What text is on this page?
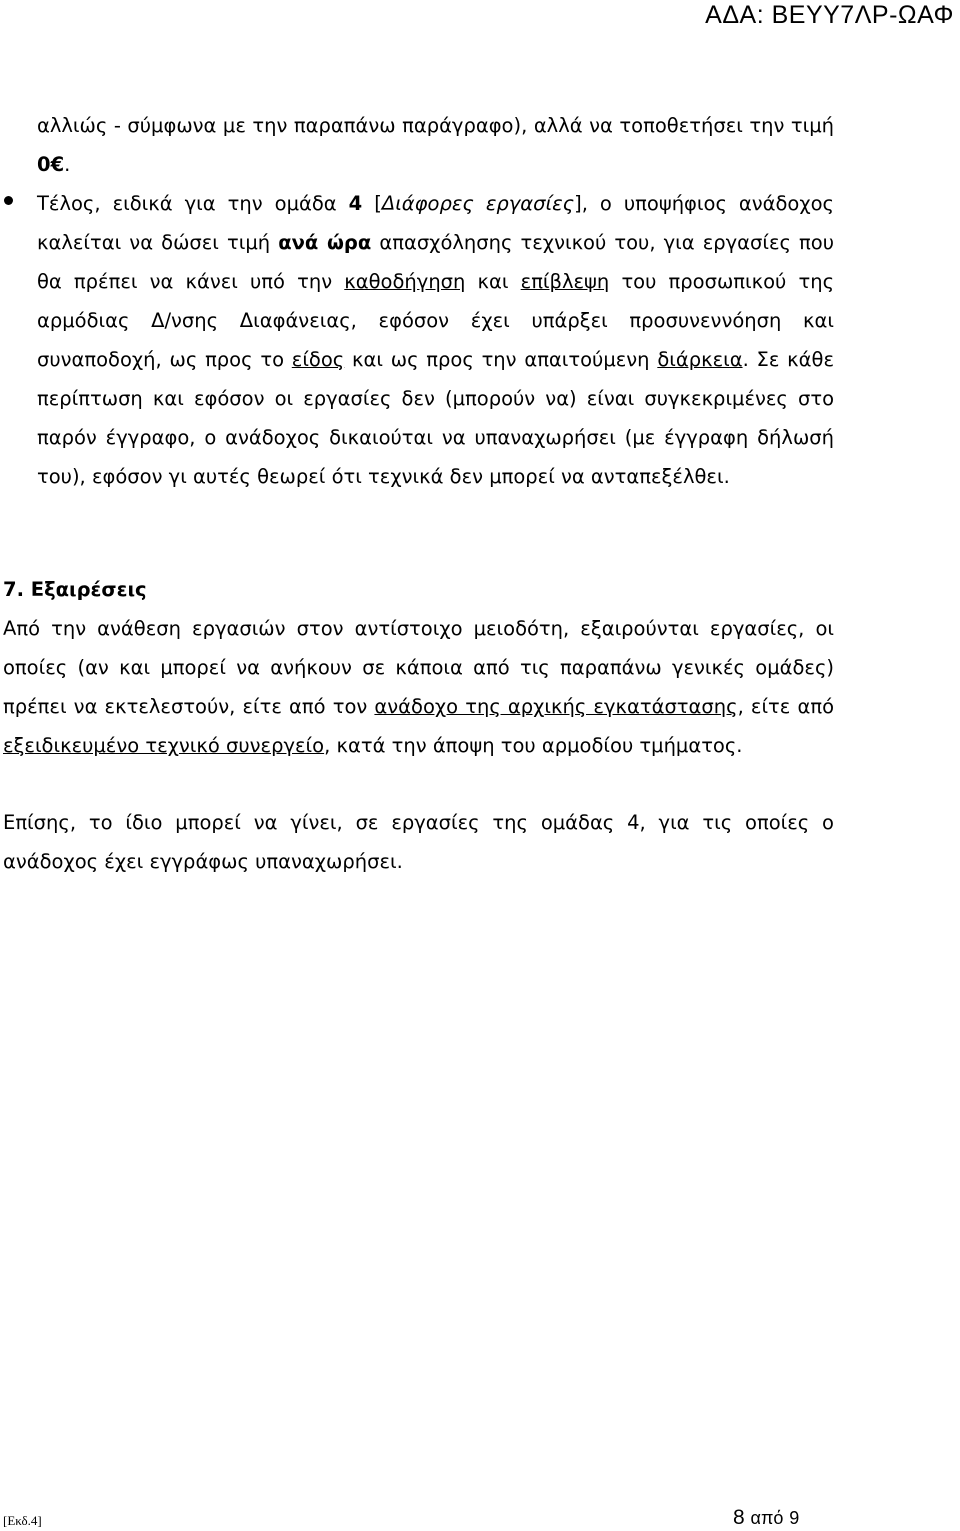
ΑΔΑ: ΒΕΥΥ7ΛΡ-ΩΑΦ

αλλιώς - σύμφωνα με την παραπάνω παράγραφο), αλλά να τοποθετήσει την τιμή 0€.

Τέλος, ειδικά για την ομάδα 4 [Διάφορες εργασίες], ο υποψήφιος ανάδοχος καλείται να δώσει τιμή ανά ώρα απασχόλησης τεχνικού του, για εργασίες που θα πρέπει να κάνει υπό την καθοδήγηση και επίβλεψη του προσωπικού της αρμόδιας Δ/νσης Διαφάνειας, εφόσον έχει υπάρξει προσυνεννόηση και συναποδοχή, ως προς το είδος και ως προς την απαιτούμενη διάρκεια. Σε κάθε περίπτωση και εφόσον οι εργασίες δεν (μπορούν να) είναι συγκεκριμένες στο παρόν έγγραφο, ο ανάδοχος δικαιούται να υπαναχωρήσει (με έγγραφη δήλωσή του), εφόσον γι αυτές θεωρεί ότι τεχνικά δεν μπορεί να ανταπεξέλθει.

7. Εξαιρέσεις

Από την ανάθεση εργασιών στον αντίστοιχο μειοδότη, εξαιρούνται εργασίες, οι οποίες (αν και μπορεί να ανήκουν σε κάποια από τις παραπάνω γενικές ομάδες) πρέπει να εκτελεστούν, είτε από τον ανάδοχο της αρχικής εγκατάστασης, είτε από εξειδικευμένο τεχνικό συνεργείο, κατά την άποψη του αρμοδίου τμήματος.

Επίσης, το ίδιο μπορεί να γίνει, σε εργασίες της ομάδας 4, για τις οποίες ο ανάδοχος έχει εγγράφως υπαναχωρήσει.

[Εκδ.4]	8 από 9
